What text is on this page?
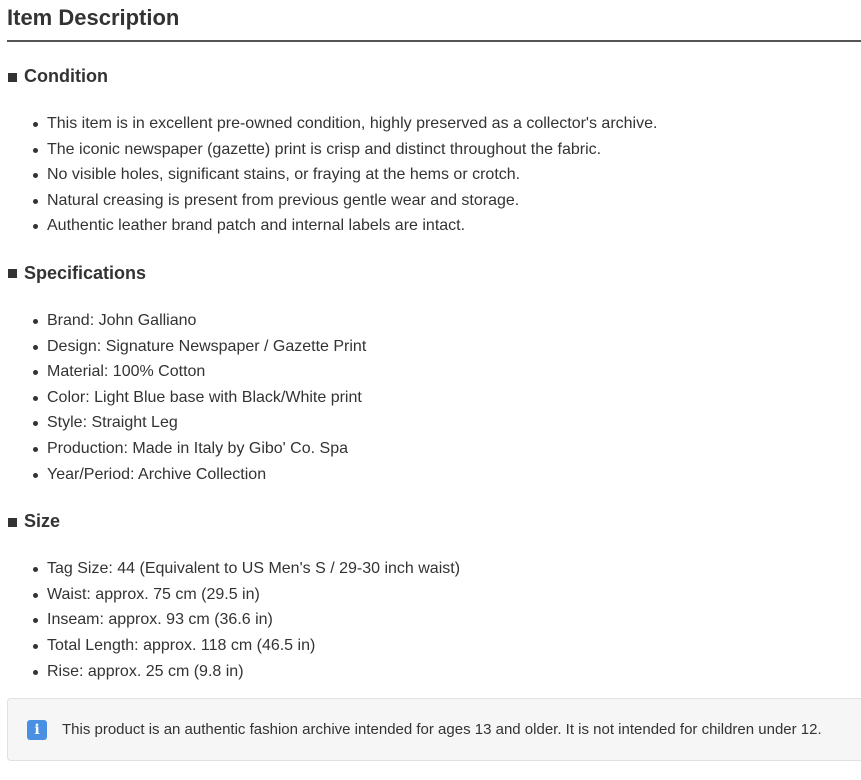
Item Description
Condition
This item is in excellent pre-owned condition, highly preserved as a collector's archive.
The iconic newspaper (gazette) print is crisp and distinct throughout the fabric.
No visible holes, significant stains, or fraying at the hems or crotch.
Natural creasing is present from previous gentle wear and storage.
Authentic leather brand patch and internal labels are intact.
Specifications
Brand: John Galliano
Design: Signature Newspaper / Gazette Print
Material: 100% Cotton
Color: Light Blue base with Black/White print
Style: Straight Leg
Production: Made in Italy by Gibo' Co. Spa
Year/Period: Archive Collection
Size
Tag Size: 44 (Equivalent to US Men's S / 29-30 inch waist)
Waist: approx. 75 cm (29.5 in)
Inseam: approx. 93 cm (36.6 in)
Total Length: approx. 118 cm (46.5 in)
Rise: approx. 25 cm (9.8 in)
i	This product is an authentic fashion archive intended for ages 13 and older. It is not intended for children under 12.
